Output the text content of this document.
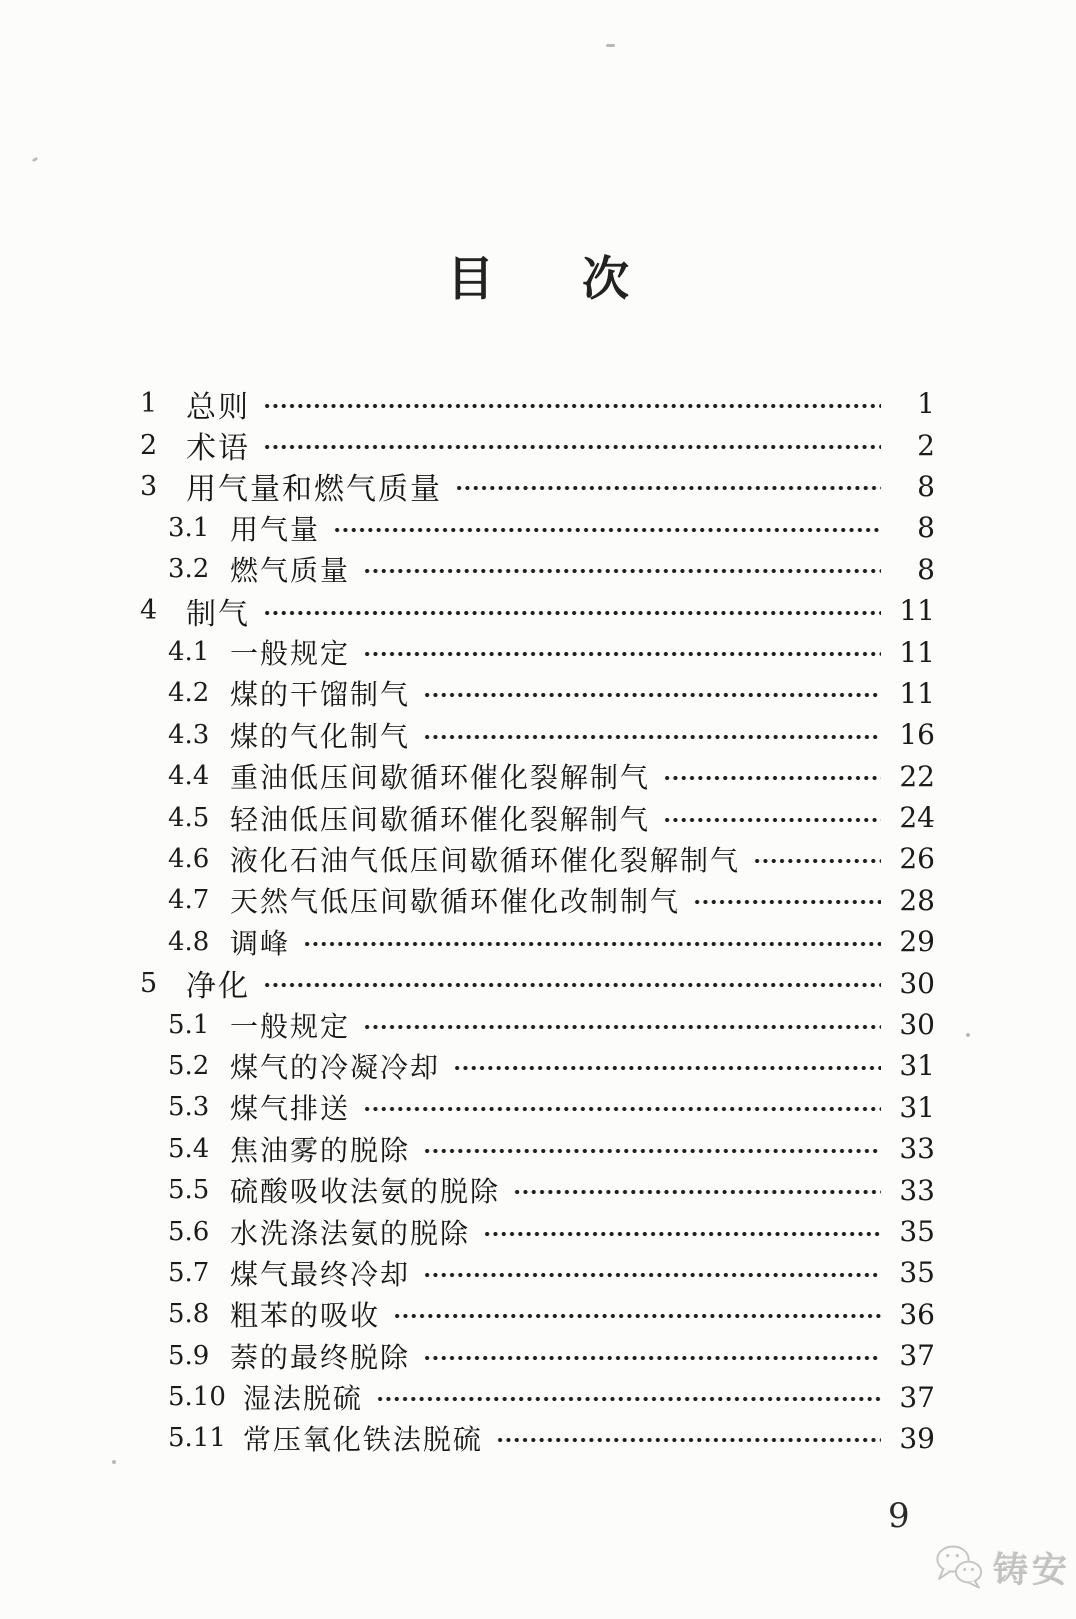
目次
1 总则	1
2 术语	2
3 用气量和燃气质量	8
3.1 用气量	8
3.2 燃气质量	8
4 制气	11
4.1 一般规定	11
4.2 煤的干馏制气	11
4.3 煤的气化制气	16
4.4 重油低压间歇循环催化裂解制气	22
4.5 轻油低压间歇循环催化裂解制气	24
4.6 液化石油气低压间歇循环催化裂解制气	26
4.7 天然气低压间歇循环催化改制制气	28
4.8 调峰	29
5 净化	30
5.1 一般规定	30
5.2 煤气的冷凝冷却	31
5.3 煤气排送	31
5.4 焦油雾的脱除	33
5.5 硫酸吸收法氨的脱除	33
5.6 水洗涤法氨的脱除	35
5.7 煤气最终冷却	35
5.8 粗苯的吸收	36
5.9 萘的最终脱除	37
5.10 湿法脱硫	37
5.11 常压氧化铁法脱硫	39
9
铸安
